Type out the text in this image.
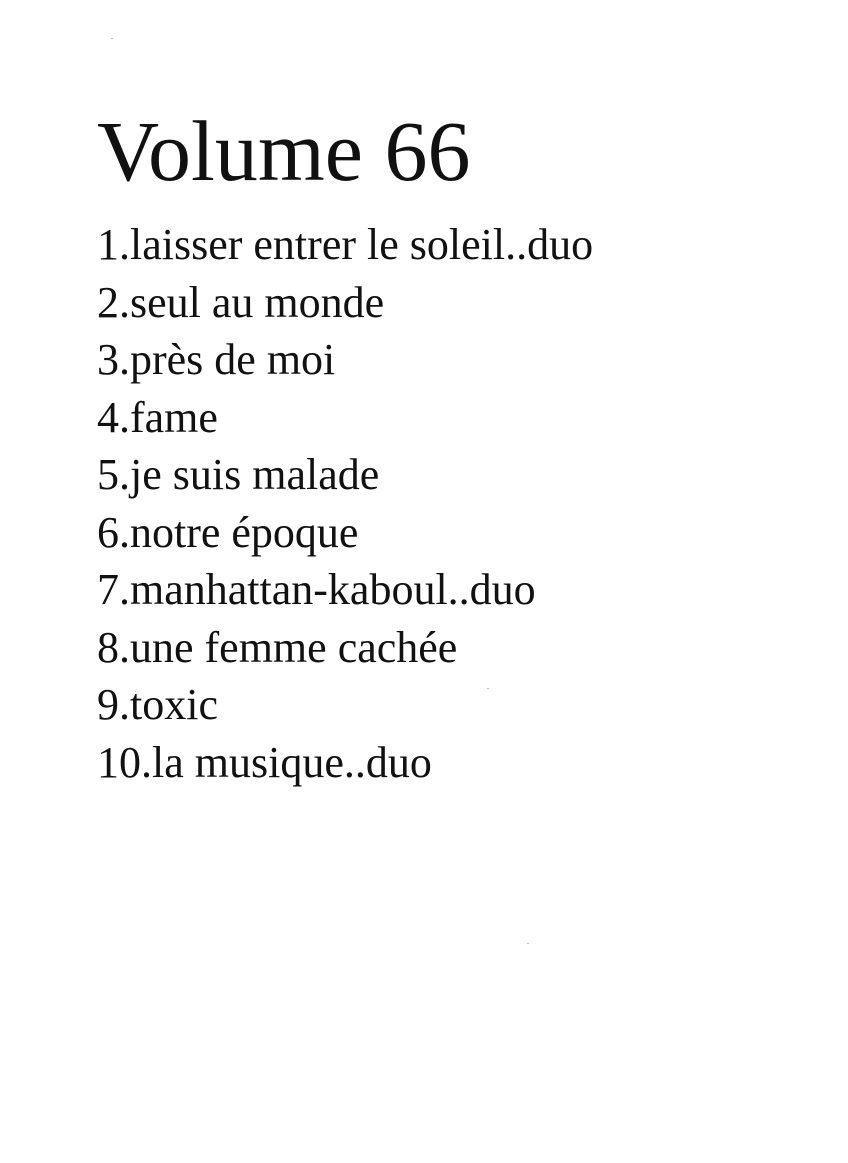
Volume 66
1.laisser entrer le soleil..duo
2.seul au monde
3.près de moi
4.fame
5.je suis malade
6.notre époque
7.manhattan-kaboul..duo
8.une femme cachée
9.toxic
10.la musique..duo
